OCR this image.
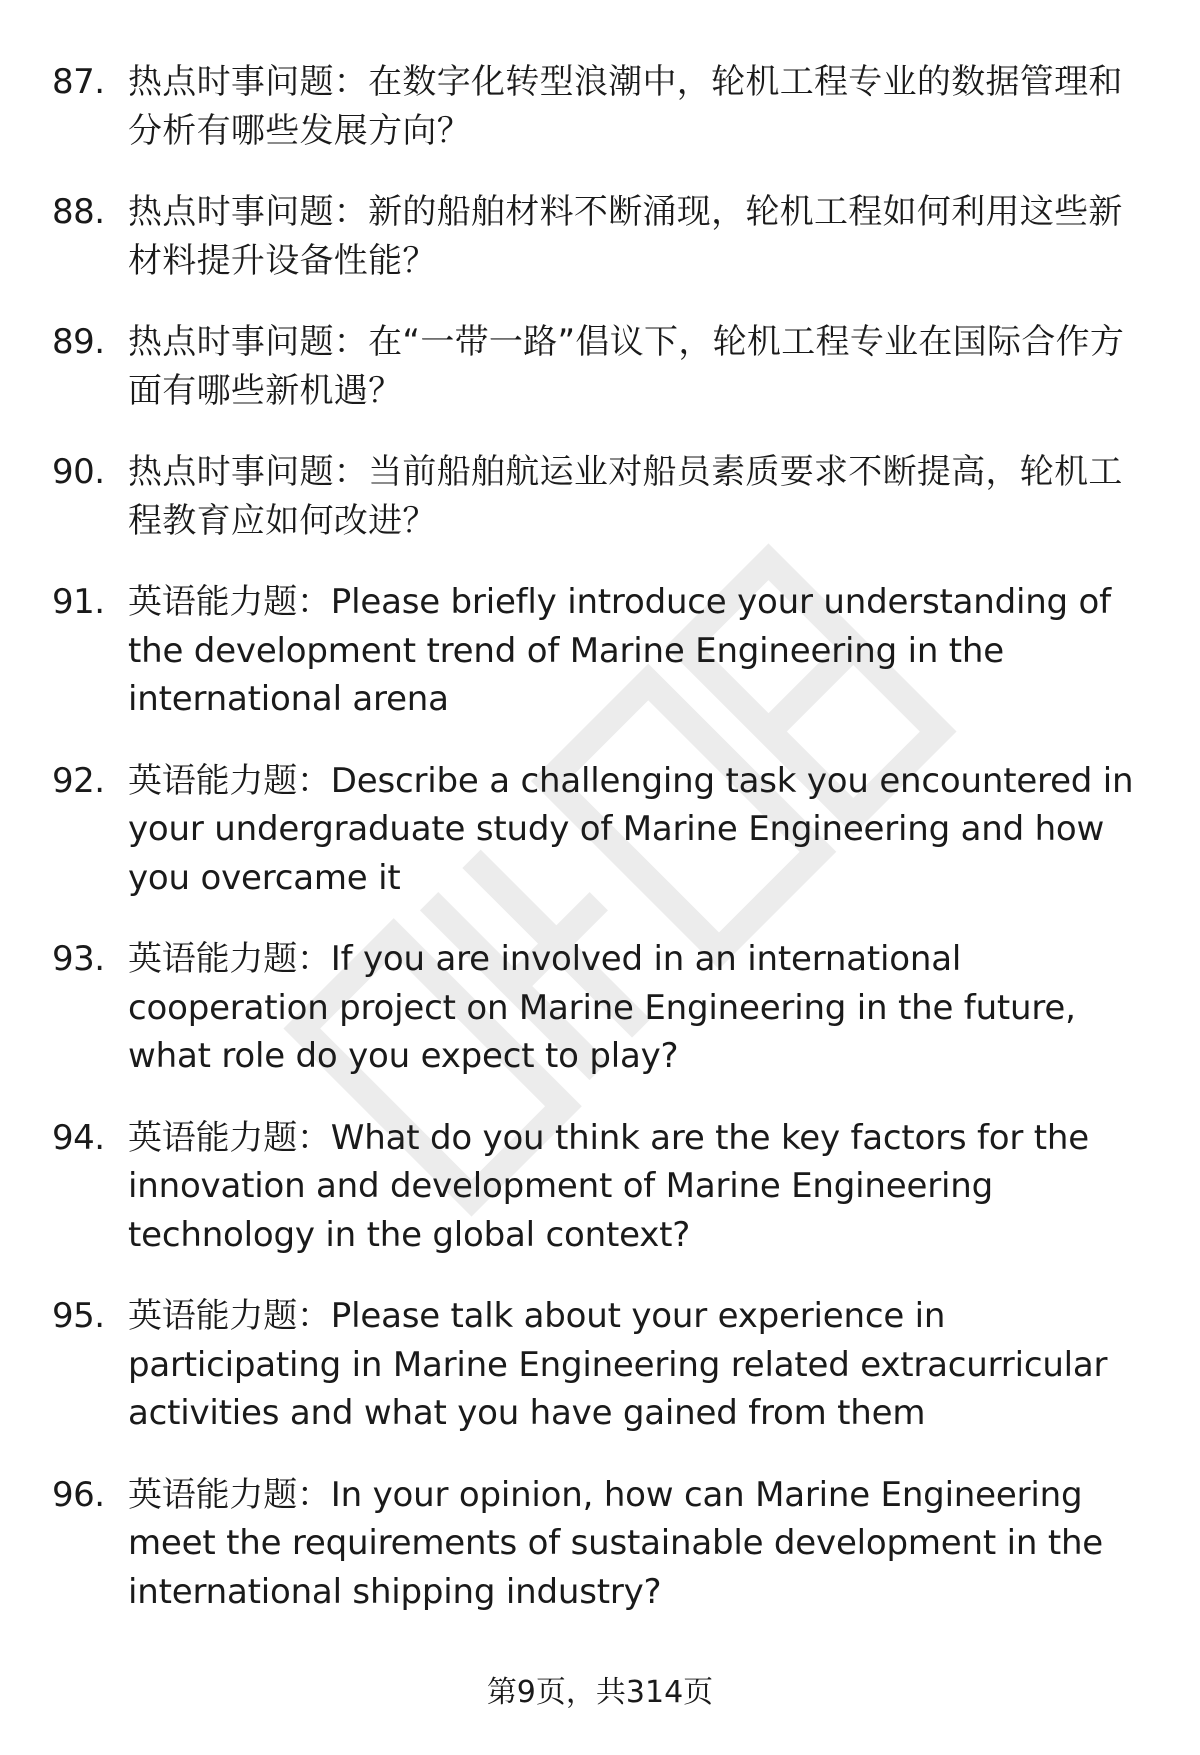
87. 热点时事问题：在数字化转型浪潮中，轮机工程专业的数据管理和分析有哪些发展方向？
88. 热点时事问题：新的船舶材料不断涌现，轮机工程如何利用这些新材料提升设备性能？
89. 热点时事问题：在“一带一路”倡议下，轮机工程专业在国际合作方面有哪些新机遇？
90. 热点时事问题：当前船舶航运业对船员素质要求不断提高，轮机工程教育应如何改进？
91. 英语能力题：Please briefly introduce your understanding of the development trend of Marine Engineering in the international arena
92. 英语能力题：Describe a challenging task you encountered in your undergraduate study of Marine Engineering and how you overcame it
93. 英语能力题：If you are involved in an international cooperation project on Marine Engineering in the future, what role do you expect to play?
94. 英语能力题：What do you think are the key factors for the innovation and development of Marine Engineering technology in the global context?
95. 英语能力题：Please talk about your experience in participating in Marine Engineering related extracurricular activities and what you have gained from them
96. 英语能力题：In your opinion, how can Marine Engineering meet the requirements of sustainable development in the international shipping industry?
第9页，共314页
